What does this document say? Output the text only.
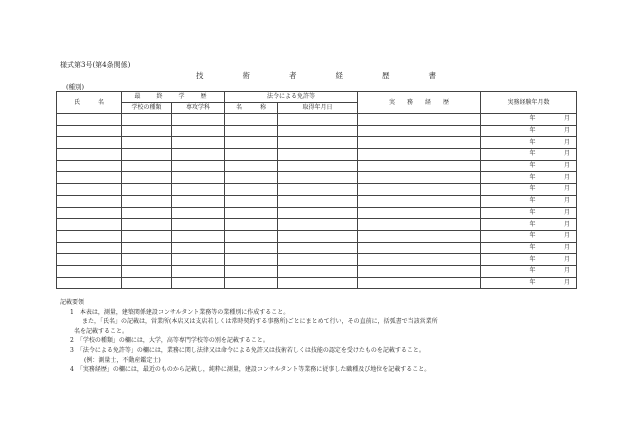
様式第3号(第4条関係)
技	術	者	経	歴	書
(種別)
氏　　　名	最　終　学　歴		法令による免許等		実　　務　　経　　歴	実務経験年月数	
	学校の種類	専攻学科	名　　　称	取得年月日			
						年	月
						年	月
						年	月
						年	月
						年	月
						年	月
						年	月
						年	月
						年	月
						年	月
						年	月
						年	月
						年	月
						年	月
						年	月
記載要領
1　本表は，測量，建築関係建設コンサルタント業務等の業種別に作成すること。
また，「氏名」の記載は，営業所(本店又は支店若しくは常時契約する事務所)ごとにまとめて行い，その直前に，括弧書で当該営業所
名を記載すること。
2　「学校の種類」の欄には，大学，高等専門学校等の別を記載すること。
3　「法令による免許等」の欄には，業務に関し法律又は命令による免許又は技術若しくは技能の認定を受けたものを記載すること。
(例：測量士，不動産鑑定士)
4　「実務経歴」の欄には，最近のものから記載し，純粋に測量，建設コンサルタント等業務に従事した職種及び地位を記載すること。
